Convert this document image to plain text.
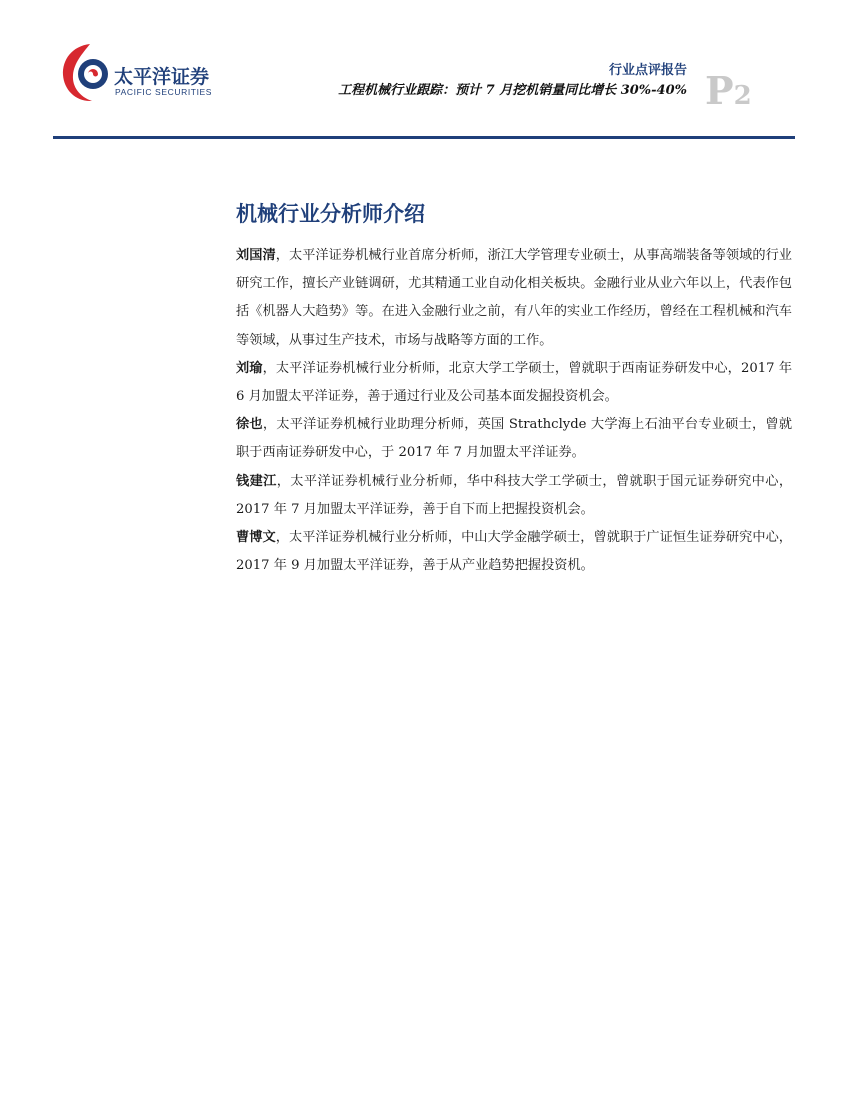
太平洋证券
PACIFIC SECURITIES
行业点评报告
工程机械行业跟踪：预计 7 月挖机销量同比增长 30%-40% P2
机械行业分析师介绍

刘国清，太平洋证券机械行业首席分析师，浙江大学管理专业硕士，从事高端装备等领域的行业研究工作，擅长产业链调研，尤其精通工业自动化相关板块。金融行业从业六年以上，代表作包括《机器人大趋势》等。在进入金融行业之前，有八年的实业工作经历，曾经在工程机械和汽车等领域，从事过生产技术，市场与战略等方面的工作。

刘瑜，太平洋证券机械行业分析师，北京大学工学硕士，曾就职于西南证券研发中心，2017 年 6 月加盟太平洋证券，善于通过行业及公司基本面发掘投资机会。

徐也，太平洋证券机械行业助理分析师，英国 Strathclyde 大学海上石油平台专业硕士，曾就职于西南证券研发中心，于 2017 年 7 月加盟太平洋证券。

钱建江，太平洋证券机械行业分析师，华中科技大学工学硕士，曾就职于国元证券研究中心，2017 年 7 月加盟太平洋证券，善于自下而上把握投资机会。

曹博文，太平洋证券机械行业分析师，中山大学金融学硕士，曾就职于广证恒生证券研究中心，2017 年 9 月加盟太平洋证券，善于从产业趋势把握投资机。
